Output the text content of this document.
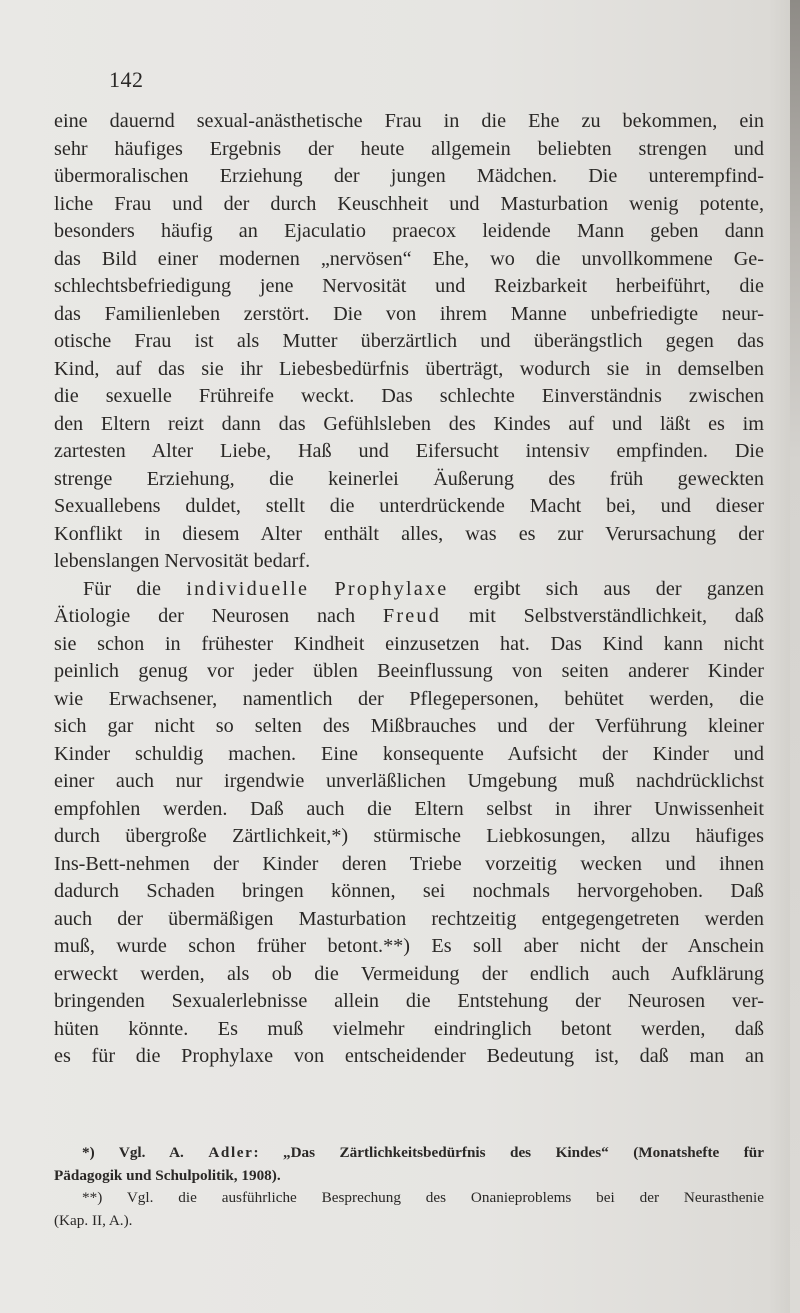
142
eine dauernd sexual-anästhetische Frau in die Ehe zu bekommen, ein
sehr häufiges Ergebnis der heute allgemein beliebten strengen und
übermoralischen Erziehung der jungen Mädchen. Die unterempfind-
liche Frau und der durch Keuschheit und Masturbation wenig potente,
besonders häufig an Ejaculatio praecox leidende Mann geben dann
das Bild einer modernen „nervösen“ Ehe, wo die unvollkommene Ge-
schlechtsbefriedigung jene Nervosität und Reizbarkeit herbeiführt, die
das Familienleben zerstört. Die von ihrem Manne unbefriedigte neur-
otische Frau ist als Mutter überzärtlich und überängstlich gegen das
Kind, auf das sie ihr Liebesbedürfnis überträgt, wodurch sie in demselben
die sexuelle Frühreife weckt. Das schlechte Einverständnis zwischen
den Eltern reizt dann das Gefühlsleben des Kindes auf und läßt es im
zartesten Alter Liebe, Haß und Eifersucht intensiv empfinden. Die
strenge Erziehung, die keinerlei Äußerung des früh geweckten
Sexuallebens duldet, stellt die unterdrückende Macht bei, und dieser
Konflikt in diesem Alter enthält alles, was es zur Verursachung der
lebenslangen Nervosität bedarf.
Für die individuelle Prophylaxe ergibt sich aus der ganzen
Ätiologie der Neurosen nach Freud mit Selbstverständlichkeit, daß
sie schon in frühester Kindheit einzusetzen hat. Das Kind kann nicht
peinlich genug vor jeder üblen Beeinflussung von seiten anderer Kinder
wie Erwachsener, namentlich der Pflegepersonen, behütet werden, die
sich gar nicht so selten des Mißbrauches und der Verführung kleiner
Kinder schuldig machen. Eine konsequente Aufsicht der Kinder und
einer auch nur irgendwie unverläßlichen Umgebung muß nachdrücklichst
empfohlen werden. Daß auch die Eltern selbst in ihrer Unwissenheit
durch übergroße Zärtlichkeit,*) stürmische Liebkosungen, allzu häufiges
Ins-Bett-nehmen der Kinder deren Triebe vorzeitig wecken und ihnen
dadurch Schaden bringen können, sei nochmals hervorgehoben. Daß
auch der übermäßigen Masturbation rechtzeitig entgegengetreten werden
muß, wurde schon früher betont.**) Es soll aber nicht der Anschein
erweckt werden, als ob die Vermeidung der endlich auch Aufklärung
bringenden Sexualerlebnisse allein die Entstehung der Neurosen ver-
hüten könnte. Es muß vielmehr eindringlich betont werden, daß
es für die Prophylaxe von entscheidender Bedeutung ist, daß man an
*) Vgl. A. Adler: „Das Zärtlichkeitsbedürfnis des Kindes“ (Monatshefte für
Pädagogik und Schulpolitik, 1908).
**) Vgl. die ausführliche Besprechung des Onanieproblems bei der Neurasthenie
(Kap. II, A.).
